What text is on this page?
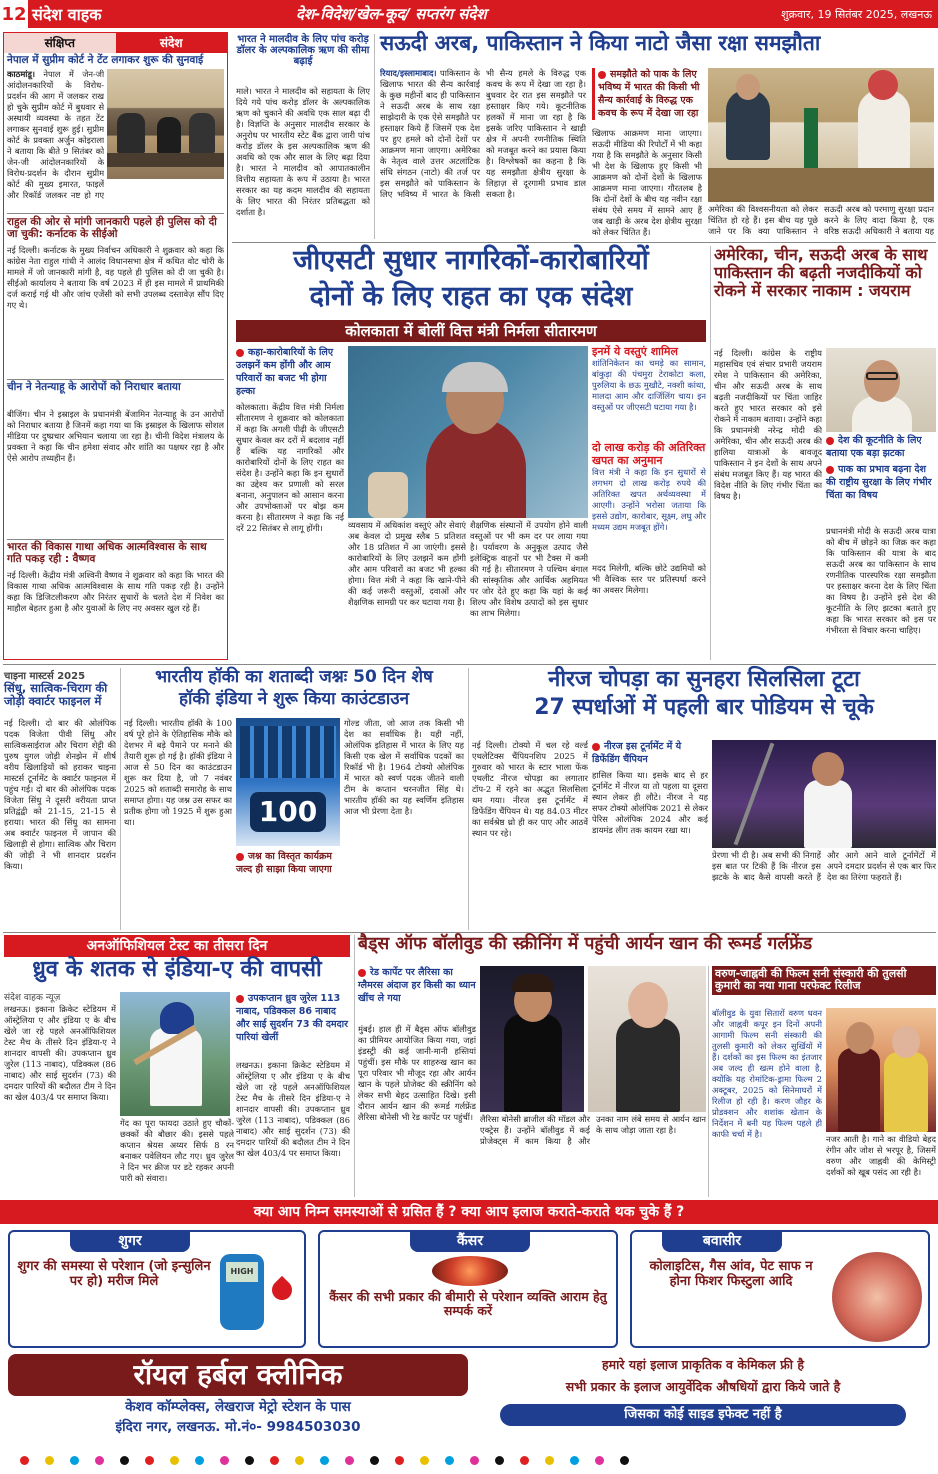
12 संदेश वाहक	देश-विदेश/खेल-कूद/ सप्तरंग संदेश	शुक्रवार, 19 सितंबर 2025, लखनऊ
संक्षिप्त	संदेश
नेपाल में सुप्रीम कोर्ट ने टेंट लगाकर शुरू की सुनवाई
काठमांडू। नेपाल में जेन-जी आंदोलनकारियों के विरोध-प्रदर्शन की आग में जलकर राख हो चुके सुप्रीम कोर्ट में बुधवार से अस्थायी व्यवस्था के तहत टेंट लगाकर सुनवाई शुरू हुई। सुप्रीम कोर्ट के प्रवक्ता अर्जुन कोइराला ने बताया कि बीते 9 सितंबर को जेन-जी आंदोलनकारियों के विरोध-प्रदर्शन के दौरान सुप्रीम कोर्ट की मुख्य इमारत, फाइलें और रिकॉर्ड जलकर नष्ट हो गए
राहुल की ओर से मांगी जानकारी पहले ही पुलिस को दी जा चुकी: कर्नाटक के सीईओ
नई दिल्ली। कर्नाटक के मुख्य निर्वाचन अधिकारी ने शुक्रवार को कहा कि कांग्रेस नेता राहुल गांधी ने आलंद विधानसभा क्षेत्र में कथित वोट चोरी के मामले में जो जानकारी मांगी है, वह पहले ही पुलिस को दी जा चुकी है। सीईओ कार्यालय ने बताया कि वर्ष 2023 में ही इस मामले में प्राथमिकी दर्ज कराई गई थी और जांच एजेंसी को सभी उपलब्ध दस्तावेज़ सौंप दिए गए थे।
चीन ने नेतन्याहू के आरोपों को निराधार बताया
बीजिंग। चीन ने इस्राइल के प्रधानमंत्री बेंजामिन नेतन्याहू के उन आरोपों को निराधार बताया है जिनमें कहा गया था कि इस्राइल के खिलाफ सोशल मीडिया पर दुष्प्रचार अभियान चलाया जा रहा है। चीनी विदेश मंत्रालय के प्रवक्ता ने कहा कि चीन हमेशा संवाद और शांति का पक्षधर रहा है और ऐसे आरोप तथ्यहीन हैं।
भारत की विकास गाथा अधिक आत्मविश्वास के साथ गति पकड़ रही : वैष्णव
नई दिल्ली। केंद्रीय मंत्री अश्विनी वैष्णव ने शुक्रवार को कहा कि भारत की विकास गाथा अधिक आत्मविश्वास के साथ गति पकड़ रही है। उन्होंने कहा कि डिजिटलीकरण और निरंतर सुधारों के चलते देश में निवेश का माहौल बेहतर हुआ है और युवाओं के लिए नए अवसर खुल रहे हैं।
भारत ने मालदीव के लिए पांच करोड़ डॉलर के अल्पकालिक ऋण की सीमा बढ़ाई
माले। भारत ने मालदीव को सहायता के लिए दिये गये पांच करोड़ डॉलर के अल्पकालिक ऋण को चुकाने की अवधि एक साल बढ़ा दी है। विज्ञप्ति के अनुसार मालदीव सरकार के अनुरोध पर भारतीय स्टेट बैंक द्वारा जारी पांच करोड़ डॉलर के इस अल्पकालिक ऋण की अवधि को एक और साल के लिए बढ़ा दिया है। भारत ने मालदीव को आपातकालीन वित्तीय सहायता के रूप में उठाया है। भारत सरकार का यह कदम मालदीव की सहायता के लिए भारत की निरंतर प्रतिबद्धता को दर्शाता है।
सऊदी अरब, पाकिस्तान ने किया नाटो जैसा रक्षा समझौता
रियाद/इस्लामाबाद। पाकिस्तान के खिलाफ भारत की सैन्य कार्रवाई के कुछ महीनों बाद ही पाकिस्तान ने सऊदी अरब के साथ रक्षा साझेदारी के एक ऐसे समझौते पर हस्ताक्षर किये हैं जिसमें एक देश पर हुए हमले को दोनों देशों पर आक्रमण माना जाएगा। अमेरिका के नेतृत्व वाले उत्तर अटलांटिक संधि संगठन (नाटो) की तर्ज पर इस समझौते को पाकिस्तान के लिए भविष्य में भारत के किसी भी सैन्य हमले के विरुद्ध एक कवच के रूप में देखा जा रहा है। बुधवार देर रात इस समझौते पर हस्ताक्षर किए गये। कूटनीतिक हलकों में माना जा रहा है कि इसके जरिए पाकिस्तान ने खाड़ी क्षेत्र में अपनी रणनीतिक स्थिति को मजबूत करने का प्रयास किया है। विश्लेषकों का कहना है कि यह समझौता क्षेत्रीय सुरक्षा के लिहाज़ से दूरगामी प्रभाव डाल सकता है।
समझौते को पाक के लिए भविष्य में भारत की किसी भी सैन्य कार्रवाई के विरुद्ध एक कवच के रूप में देखा जा रहा
खिलाफ आक्रमण माना जाएगा। सऊदी मीडिया की रिपोर्टों में भी कहा गया है कि समझौते के अनुसार किसी भी देश के खिलाफ हुए किसी भी आक्रमण को दोनों देशों के खिलाफ आक्रमण माना जाएगा। गौरतलब है कि दोनों देशों के बीच यह नवीन रक्षा संबंध ऐसे समय में सामने आए हैं जब खाड़ी के अरब देश क्षेत्रीय सुरक्षा को लेकर चिंतित हैं।
अमेरिका की विश्वसनीयता को लेकर चिंतित हो रहे हैं। इस बीच यह पूछे जाने पर कि क्या पाकिस्तान ने सऊदी अरब को परमाणु सुरक्षा प्रदान करने के लिए वादा किया है, एक वरिष्ठ सऊदी अधिकारी ने बताया यह
जीएसटी सुधार नागरिकों-कारोबारियों
दोनों के लिए राहत का एक संदेश
कोलकाता में बोलीं वित्त मंत्री निर्मला सीतारमण
कहा-कारोबारियों के लिए उलझनें कम होंगी और आम परिवारों का बजट भी होगा हल्का
कोलकाता। केंद्रीय वित्त मंत्री निर्मला सीतारमण ने शुक्रवार को कोलकाता में कहा कि अगली पीढ़ी के जीएसटी सुधार केवल कर दरों में बदलाव नहीं हैं बल्कि यह नागरिकों और कारोबारियों दोनों के लिए राहत का संदेश है। उन्होंने कहा कि इन सुधारों का उद्देश्य कर प्रणाली को सरल बनाना, अनुपालन को आसान करना और उपभोक्ताओं पर बोझ कम करना है। सीतारमण ने कहा कि नई दरें 22 सितंबर से लागू होंगी।	व्यवसाय में अधिकांश वस्तुएं और सेवाएं अब केवल दो प्रमुख स्लैब 5 प्रतिशत और 18 प्रतिशत में आ जाएंगी। इससे कारोबारियों के लिए उलझनें कम होंगी और आम परिवारों का बजट भी हल्का होगा। वित्त मंत्री ने कहा कि खाने-पीने की कई जरूरी वस्तुओं, दवाओं और शैक्षणिक सामग्री पर कर घटाया गया है।
शैक्षणिक संस्थानों में उपयोग होने वाली वस्तुओं पर भी कम दर पर लाया गया है। पर्यावरण के अनुकूल उत्पाद जैसे इलेक्ट्रिक वाहनों पर भी टैक्स में कमी की गई है। सीतारमण ने पश्चिम बंगाल की सांस्कृतिक और आर्थिक अहमियत पर जोर देते हुए कहा कि यहां के कई शिल्प और विशेष उत्पादों को इस सुधार का लाभ मिलेगा।
इनमें ये वस्तुएं शामिल
शांतिनिकेतन का चमड़े का सामान, बांकुड़ा की पंचमुरा टेराकोटा कला, पुरुलिया के छऊ मुखौटे, नक्शी कांथा, मालदा आम और दार्जिलिंग चाय। इन वस्तुओं पर जीएसटी घटाया गया है।
दो लाख करोड़ की अतिरिक्त खपत का अनुमान
वित्त मंत्री ने कहा कि इन सुधारों से लगभग दो लाख करोड़ रुपये की अतिरिक्त खपत अर्थव्यवस्था में आएगी। उन्होंने भरोसा जताया कि इससे उद्योग, कारोबार, सूक्ष्म, लघु और मध्यम उद्यम मजबूत होंगे।
मदद मिलेगी, बल्कि छोटे उद्यमियों को भी वैश्विक स्तर पर प्रतिस्पर्धा करने का अवसर मिलेगा।
अमेरिका, चीन, सऊदी अरब के साथ पाकिस्तान की बढ़ती नजदीकियों को रोकने में सरकार नाकाम : जयराम
नई दिल्ली। कांग्रेस के राष्ट्रीय महासचिव एवं संचार प्रभारी जयराम रमेश ने पाकिस्तान की अमेरिका, चीन और सऊदी अरब के साथ बढ़ती नजदीकियों पर चिंता जाहिर करते हुए भारत सरकार को इसे रोकने में नाकाम बताया। उन्होंने कहा कि प्रधानमंत्री नरेन्द्र मोदी की अमेरिका, चीन और सऊदी अरब की हालिया यात्राओं के बावजूद पाकिस्तान ने इन देशों के साथ अपने संबंध मजबूत किए हैं। यह भारत की विदेश नीति के लिए गंभीर चिंता का विषय है।
देश की कूटनीति के लिए बताया एक बड़ा झटका
पाक का प्रभाव बढ़ना देश की राष्ट्रीय सुरक्षा के लिए गंभीर चिंता का विषय
प्रधानमंत्री मोदी के सऊदी अरब यात्रा को बीच में छोड़ने का जिक्र कर कहा कि पाकिस्तान की यात्रा के बाद सऊदी अरब का पाकिस्तान के साथ रणनीतिक पारस्परिक रक्षा समझौता पर हस्ताक्षर करना देश के लिए चिंता का विषय है। उन्होंने इसे देश की कूटनीति के लिए झटका बताते हुए कहा कि भारत सरकार को इस पर गंभीरता से विचार करना चाहिए।
चाइना मास्टर्स 2025
सिंधु, सात्विक-चिराग की जोड़ी क्वार्टर फाइनल में
नई दिल्ली। दो बार की ओलंपिक पदक विजेता पीवी सिंधु और सात्विकसाईराज और चिराग शेट्टी की पुरुष युगल जोड़ी शेनझेन में शीर्ष वरीय खिलाड़ियों को हराकर चाइना मास्टर्स टूर्नामेंट के क्वार्टर फाइनल में पहुंच गई। दो बार की ओलंपिक पदक विजेता सिंधु ने दूसरी वरीयता प्राप्त प्रतिद्वंद्वी को 21-15, 21-15 से हराया। भारत की सिंधु का सामना अब क्वार्टर फाइनल में जापान की खिलाड़ी से होगा। सात्विक और चिराग की जोड़ी ने भी शानदार प्रदर्शन किया।
भारतीय हॉकी का शताब्दी जश्नः 50 दिन शेष
हॉकी इंडिया ने शुरू किया काउंटडाउन
नई दिल्ली। भारतीय हॉकी के 100 वर्ष पूरे होने के ऐतिहासिक मौके को देशभर में बड़े पैमाने पर मनाने की तैयारी शुरू हो गई है। हॉकी इंडिया ने आज से 50 दिन का काउंटडाउन शुरू कर दिया है, जो 7 नवंबर 2025 को शताब्दी समारोह के साथ समाप्त होगा। यह जश्न उस सफर का प्रतीक होगा जो 1925 में शुरू हुआ था।	100
जश्न का विस्तृत कार्यक्रम जल्द ही साझा किया जाएगा
गोल्ड जीता, जो आज तक किसी भी देश का सर्वाधिक है। यही नहीं, ओलंपिक इतिहास में भारत के लिए यह किसी एक खेल में सर्वाधिक पदकों का रिकॉर्ड भी है। 1964 टोक्यो ओलंपिक में भारत को स्वर्ण पदक जीतने वाली टीम के कप्तान चरनजीत सिंह थे। भारतीय हॉकी का यह स्वर्णिम इतिहास आज भी प्रेरणा देता है।
नीरज चोपड़ा का सुनहरा सिलसिला टूटा
27 स्पर्धाओं में पहली बार पोडियम से चूके
नई दिल्ली। टोक्यो में चल रहे वर्ल्ड एथलेटिक्स चैंपियनशिप 2025 में गुरुवार को भारत के स्टार भाला फेंक एथलीट नीरज चोपड़ा का लगातार टॉप-2 में रहने का अद्भुत सिलसिला थम गया। नीरज इस टूर्नामेंट में डिफेंडिंग चैंपियन थे। यह 84.03 मीटर का सर्वश्रेष्ठ थ्रो ही कर पाए और आठवें स्थान पर रहे।
नीरज इस टूर्नामेंट में ये डिफेंडिंग चैंपियन
हासिल किया था। इसके बाद से हर टूर्नामेंट में नीरज या तो पहला या दूसरा स्थान लेकर ही लौटे। नीरज ने यह सफर टोक्यो ओलंपिक 2021 से लेकर पेरिस ओलंपिक 2024 और कई डायमंड लीग तक कायम रखा था।
प्रेरणा भी दी है। अब सभी की निगाहें इस बात पर टिकी हैं कि नीरज इस झटके के बाद कैसे वापसी करते हैं और आगे आने वाले टूर्नामेंटों में अपने दमदार प्रदर्शन से एक बार फिर देश का तिरंगा फहराते हैं।
अनऑफिशियल टेस्ट का तीसरा दिन
ध्रुव के शतक से इंडिया-ए की वापसी
संदेश वाहक न्यूज़
लखनऊ। इकाना क्रिकेट स्टेडियम में ऑस्ट्रेलिया ए और इंडिया ए के बीच खेले जा रहे पहले अनऑफिशियल टेस्ट मैच के तीसरे दिन इंडिया-ए ने शानदार वापसी की। उपकप्तान ध्रुव जुरेल (113 नाबाद), पडिक्कल (86 नाबाद) और साई सुदर्शन (73) की दमदार पारियों की बदौलत टीम ने दिन का खेल 403/4 पर समाप्त किया।
उपकप्तान ध्रुव जुरेल 113 नाबाद, पडिक्कल 86 नाबाद और साई सुदर्शन 73 की दमदार पारियां खेलीं
गेंद का पूरा फायदा उठाते हुए चौकों-छक्कों की बौछार की। इससे पहले कप्तान श्रेयस अय्यर सिर्फ 8 रन बनाकर पवेलियन लौट गए। ध्रुव जुरेल ने दिन भर क्रीज पर डटे रहकर अपनी पारी को संवारा।
लखनऊ। इकाना क्रिकेट स्टेडियम में ऑस्ट्रेलिया ए और इंडिया ए के बीच खेले जा रहे पहले अनऑफिशियल टेस्ट मैच के तीसरे दिन इंडिया-ए ने शानदार वापसी की। उपकप्तान ध्रुव जुरेल (113 नाबाद), पडिक्कल (86 नाबाद) और साई सुदर्शन (73) की दमदार पारियों की बदौलत टीम ने दिन का खेल 403/4 पर समाप्त किया।
बैड्स ऑफ बॉलीवुड की स्क्रीनिंग में पहुंची आर्यन खान की रूमर्ड गर्लफ्रेंड
रेड कार्पेट पर लैरिसा का ग्लैमरस अंदाज हर किसी का ध्यान खींच ले गया
मुंबई। हाल ही में बैड्स ऑफ बॉलीवुड का प्रीमियर आयोजित किया गया, जहां इंडस्ट्री की कई जानी-मानी हस्तियां पहुंचीं। इस मौके पर शाहरुख खान का पूरा परिवार भी मौजूद रहा और आर्यन खान के पहले प्रोजेक्ट की स्क्रीनिंग को लेकर सभी बेहद उत्साहित दिखे। इसी दौरान आर्यन खान की रूमर्ड गर्लफ्रेंड लैरिसा बोनेसी भी रेड कार्पेट पर पहुंचीं। लैरिसा बोनेसी ब्राजील की मॉडल और एक्ट्रेस हैं। उन्होंने बॉलीवुड में कई प्रोजेक्ट्स में काम किया है और उनका नाम लंबे समय से आर्यन खान के साथ जोड़ा जाता रहा है।
वरुण-जाह्नवी की फिल्म सनी संस्कारी की तुलसी कुमारी का नया गाना परफेक्ट रिलीज
बॉलीवुड के युवा सितारों वरुण धवन और जाह्नवी कपूर इन दिनों अपनी आगामी फिल्म सनी संस्कारी की तुलसी कुमारी को लेकर सुर्खियों में हैं। दर्शकों का इस फिल्म का इंतजार अब जल्द ही खत्म होने वाला है, क्योंकि यह रोमांटिक-ड्रामा फिल्म 2 अक्टूबर, 2025 को सिनेमाघरों में रिलीज हो रही है। करण जौहर के प्रोडक्शन और शशांक खेतान के निर्देशन में बनी यह फिल्म पहले ही काफी चर्चा में है।	नजर आती है। गाने का वीडियो बेहद रंगीन और जोश से भरपूर है, जिसमें वरुण और जाह्नवी की केमिस्ट्री दर्शकों को खूब पसंद आ रही है।
क्या आप निम्न समस्याओं से ग्रसित हैं ? क्या आप इलाज कराते-कराते थक चुके हैं ?
शुगर
शुगर की समस्या से परेशान (जो इन्सुलिन पर हो) मरीज मिले
HIGH
कैंसर
कैंसर की सभी प्रकार की बीमारी से परेशान व्यक्ति आराम हेतु सम्पर्क करें
बवासीर
कोलाइटिस, गैस आंव, पेट साफ न होना फिशर फिस्टुला आदि
रॉयल हर्बल क्लीनिक
केशव कॉम्प्लेक्स, लेखराज मेट्रो स्टेशन के पास
इंदिरा नगर, लखनऊ. मो.नं०- 9984503030
हमारे यहां इलाज प्राकृतिक व केमिकल फ्री है
सभी प्रकार के इलाज आयुर्वेदिक औषधियों द्वारा किये जाते है
जिसका कोई साइड इफेक्ट नहीं है
